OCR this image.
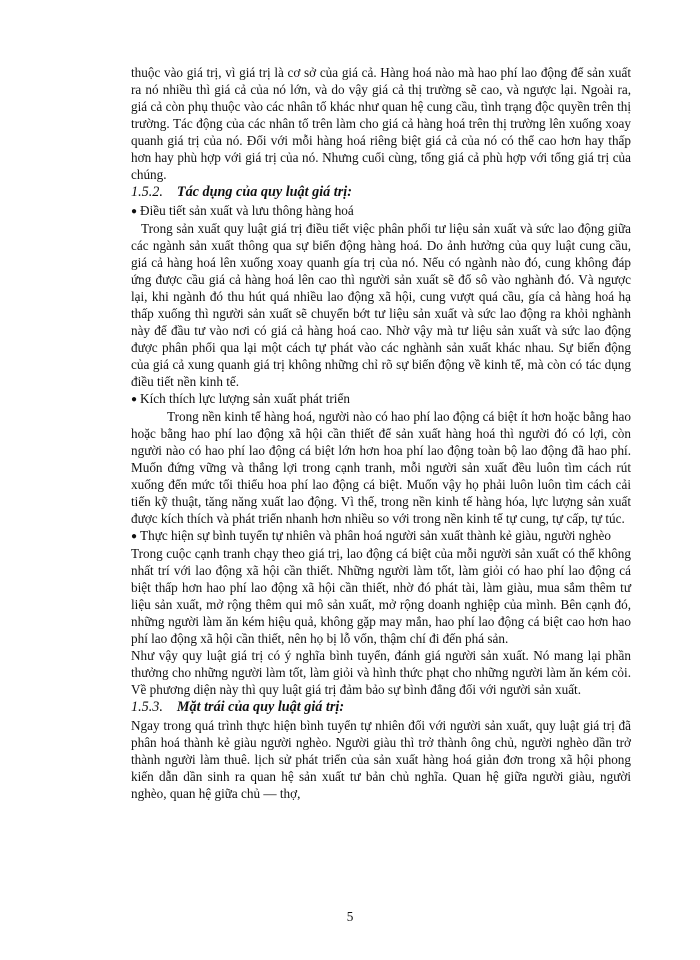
thuộc vào giá trị, vì giá trị là cơ sở của giá cả. Hàng hoá nào mà hao phí lao động để sản xuất ra nó nhiều thì giá cả của nó lớn, và do vậy giá cả thị trường sẽ cao, và ngược lại. Ngoài ra, giá cả còn phụ thuộc vào các nhân tố khác như quan hệ cung cầu, tình trạng độc quyền trên thị trường. Tác động của các nhân tố trên làm cho giá cả hàng hoá trên thị trường lên xuống xoay quanh giá trị của nó. Đối với mỗi hàng hoá riêng biệt giá cả của nó có thể cao hơn hay thấp hơn hay phù hợp với giá trị của nó. Nhưng cuối cùng, tổng giá cả phù hợp với tổng giá trị của chúng.

1.5.2. Tác dụng của quy luật giá trị:
● Điều tiết sản xuất và lưu thông hàng hoá

Trong sản xuất quy luật giá trị điều tiết việc phân phối tư liệu sản xuất và sức lao động giữa các ngành sản xuất thông qua sự biến động hàng hoá. Do ảnh hưởng của quy luật cung cầu, giá cả hàng hoá lên xuống xoay quanh gía trị của nó. Nếu có ngành nào đó, cung không đáp ứng được cầu giá cả hàng hoá lên cao thì người sản xuất sẽ đổ sô vào nghành đó. Và ngược lại, khi ngành đó thu hút quá nhiều lao động xã hội, cung vượt quá cầu, gía cả hàng hoá hạ thấp xuống thì người sản xuất sẽ chuyển bớt tư liệu sản xuất và sức lao động ra khỏi nghành này để đầu tư vào nơi có giá cả hàng hoá cao. Nhờ vậy mà tư liệu sản xuất và sức lao động được phân phối qua lại một cách tự phát vào các nghành sản xuất khác nhau. Sự biến động của giá cả xung quanh giá trị không những chỉ rõ sự biến động về kinh tế, mà còn có tác dụng điều tiết nền kinh tế.

● Kích thích lực lượng sản xuất phát triển

Trong nền kinh tế hàng hoá, người nào có hao phí lao động cá biệt ít hơn hoặc bằng hao hoặc bằng hao phí lao động xã hội cần thiết để sản xuất hàng hoá thì người đó có lợi, còn người nào có hao phí lao động cá biệt lớn hơn hoa phí lao động toàn bộ lao động đã hao phí. Muốn đứng vững và thắng lợi trong cạnh tranh, mỗi người sản xuất đều luôn tìm cách rút xuống đến mức tối thiểu hoa phí lao động cá biệt. Muốn vậy họ phải luôn luôn tìm cách cải tiến kỹ thuật, tăng năng xuất lao động. Vì thế, trong nền kinh tế hàng hóa, lực lượng sản xuất được kích thích và phát triển nhanh hơn nhiều so với trong nền kinh tế tự cung, tự cấp, tự túc.

● Thực hiện sự bình tuyển tự nhiên và phân hoá người sản xuất thành kẻ giàu, người nghèo

Trong cuộc cạnh tranh chạy theo giá trị, lao động cá biệt của mỗi người sản xuất có thể không nhất trí với lao động xã hội cần thiết. Những người làm tốt, làm giỏi có hao phí lao động cá biệt thấp hơn hao phí lao động xã hội cần thiết, nhờ đó phát tài, làm giàu, mua sắm thêm tư liệu sản xuất, mở rộng thêm qui mô sản xuất, mở rộng doanh nghiệp của mình. Bên cạnh đó, những người làm ăn kém hiệu quả, không gặp may mắn, hao phí lao động cá biệt cao hơn hao phí lao động xã hội cần thiết, nên họ bị lỗ vốn, thậm chí đi đến phá sản.

Như vậy quy luật giá trị có ý nghĩa bình tuyển, đánh giá người sản xuất. Nó mang lại phần thưởng cho những người làm tốt, làm giỏi và hình thức phạt cho những người làm ăn kém cỏi. Về phương diện này thì quy luật giá trị đảm bảo sự bình đẳng đối với người sản xuất.

1.5.3. Mặt trái của quy luật giá trị:

Ngay trong quá trình thực hiện bình tuyển tự nhiên đối với người sản xuất, quy luật giá trị đã phân hoá thành kẻ giàu người nghèo. Người giàu thì trở thành ông chủ, người nghèo dần trở thành người làm thuê. lịch sử phát triển của sản xuất hàng hoá giản đơn trong xã hội phong kiến dẫn dần sinh ra quan hệ sản xuất tư bản chủ nghĩa. Quan hệ giữa người giàu, người nghèo, quan hệ giữa chủ — thợ,

5
